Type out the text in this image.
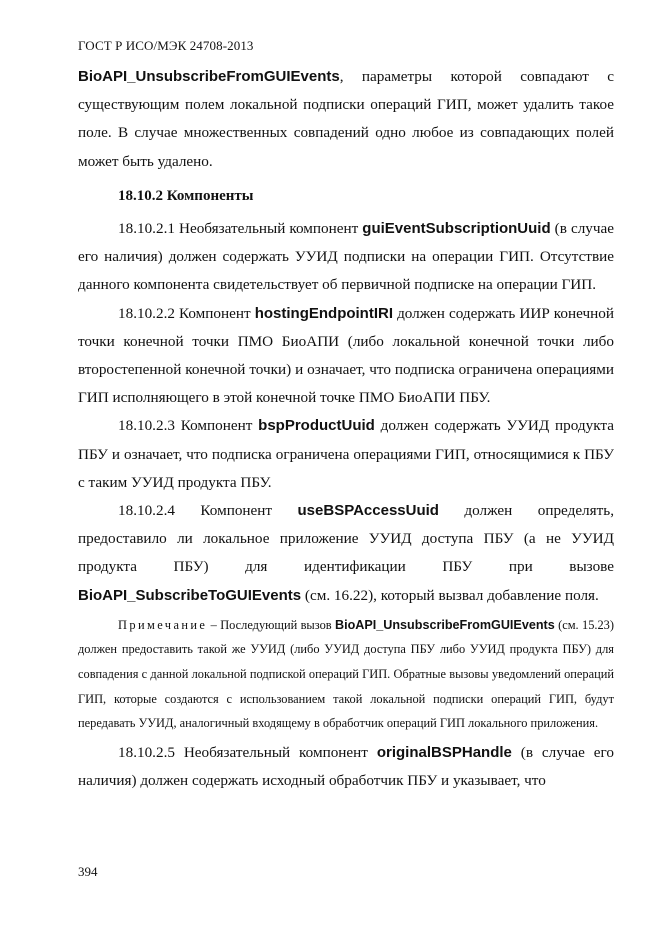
ГОСТ Р ИСО/МЭК 24708-2013

BioAPI_UnsubscribeFromGUIEvents, параметры которой совпадают с существующим полем локальной подписки операций ГИП, может удалить такое поле. В случае множественных совпадений одно любое из совпадающих полей может быть удалено.

18.10.2 Компоненты

18.10.2.1 Необязательный компонент guiEventSubscriptionUuid (в случае его наличия) должен содержать УУИД подписки на операции ГИП. Отсутствие данного компонента свидетельствует об первичной подписке на операции ГИП.

18.10.2.2 Компонент hostingEndpointIRI должен содержать ИИР конечной точки конечной точки ПМО БиоАПИ (либо локальной конечной точки либо второстепенной конечной точки) и означает, что подписка ограничена операциями ГИП исполняющего в этой конечной точке ПМО БиоАПИ ПБУ.

18.10.2.3 Компонент bspProductUuid должен содержать УУИД продукта ПБУ и означает, что подписка ограничена операциями ГИП, относящимися к ПБУ с таким УУИД продукта ПБУ.

18.10.2.4 Компонент useBSPAccessUuid должен определять, предоставило ли локальное приложение УУИД доступа ПБУ (а не УУИД продукта ПБУ) для идентификации ПБУ при вызове BioAPI_SubscribeToGUIEvents (см. 16.22), который вызвал добавление поля.

Примечание – Последующий вызов BioAPI_UnsubscribeFromGUIEvents (см. 15.23) должен предоставить такой же УУИД (либо УУИД доступа ПБУ либо УУИД продукта ПБУ) для совпадения с данной локальной подпиской операций ГИП. Обратные вызовы уведомлений операций ГИП, которые создаются с использованием такой локальной подписки операций ГИП, будут передавать УУИД, аналогичный входящему в обработчик операций ГИП локального приложения.

18.10.2.5 Необязательный компонент originalBSPHandle (в случае его наличия) должен содержать исходный обработчик ПБУ и указывает, что

394
